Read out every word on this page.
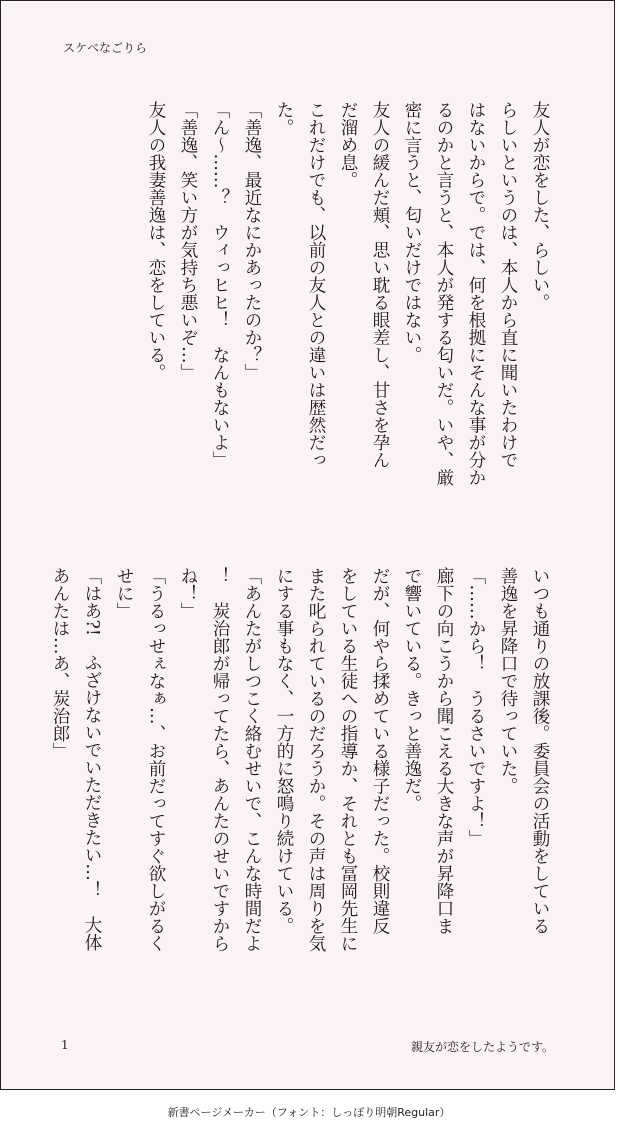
スケベなごりら
友人が恋をした、らしい。
らしいというのは、本人から直に聞いたわけで
はないからで。では、何を根拠にそんな事が分か
るのかと言うと、本人が発する匂いだ。いや、厳
密に言うと、匂いだけではない。
友人の緩んだ頬、思い耽る眼差し、甘さを孕ん
だ溜め息。
これだけでも、以前の友人との違いは歴然だっ
た。
「善逸、最近なにかあったのか？」
「ん〜……？　ウィっヒヒ！　なんもないよ」
「善逸、笑い方が気持ち悪いぞ…」
友人の我妻善逸は、恋をしている。
いつも通りの放課後。委員会の活動をしている
善逸を昇降口で待っていた。
「……から！　うるさいですよ！」
廊下の向こうから聞こえる大きな声が昇降口ま
で響いている。きっと善逸だ。
だが、何やら揉めている様子だった。校則違反
をしている生徒への指導か、それとも冨岡先生に
また叱られているのだろうか。その声は周りを気
にする事もなく、一方的に怒鳴り続けている。
「あんたがしつこく絡むせいで、こんな時間だよ
！　炭治郎が帰ってたら、あんたのせいですから
ね！」
「うるっせぇなぁ…、お前だってすぐ欲しがるく
せに」
「はあ?!　ふざけないでいただきたい…！　大体
あんたは…あ、炭治郎」
1	親友が恋をしたようです。
新書ページメーカー（フォント：しっぽり明朝Regular）
